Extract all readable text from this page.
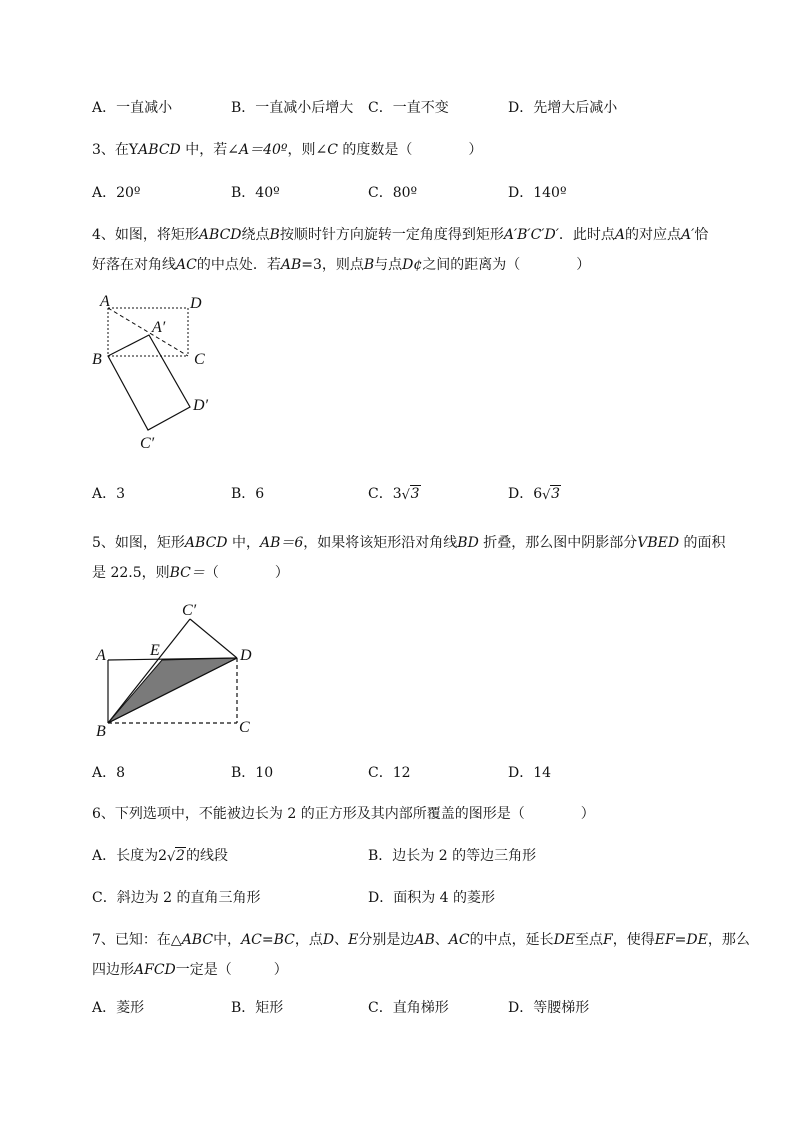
A．一直减小	B．一直减小后增大 C．一直不变	D．先增大后减小
3、在YABCD 中，若∠A＝40º，则∠C 的度数是（　　　　）
A．20º	B．40º	C．80º	D．140º
4、如图，将矩形ABCD绕点B按顺时针方向旋转一定角度得到矩形A′B′C′D′．此时点A的对应点A′恰
好落在对角线AC的中点处．若AB=3，则点B与点D¢之间的距离为（　　　　）
A	D
A′
B	C
D′
C′
A．3	B．6	C．3 √ 3	D．6 √ 3
5、如图，矩形ABCD 中，AB＝6，如果将该矩形沿对角线BD 折叠，那么图中阴影部分VBED 的面积
是 22.5，则BC＝（　　　　）
C′
A	E	D
B	C
A．8	B．10	C．12	D．14
6、下列选项中，不能被边长为 2 的正方形及其内部所覆盖的图形是（　　　　）
A．长度为2 √ 2的线段	B．边长为 2 的等边三角形
C．斜边为 2 的直角三角形	D．面积为 4 的菱形
7、已知：在△ABC中，AC=BC，点D、E分别是边AB、AC的中点，延长DE至点F，使得EF=DE，那么
四边形AFCD一定是（　　　）
A．菱形	B．矩形	C．直角梯形	D．等腰梯形
